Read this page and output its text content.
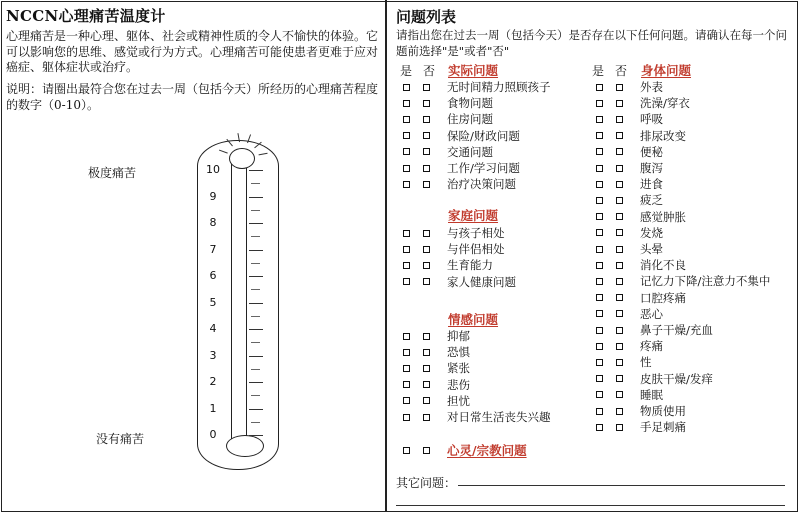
NCCN心理痛苦温度计
心理痛苦是一种心理、躯体、社会或精神性质的令人不愉快的体验。它可以影响您的思维、感觉或行为方式。心理痛苦可能使患者更难于应对癌症、躯体症状或治疗。
说明：请圈出最符合您在过去一周（包括今天）所经历的心理痛苦程度的数字（0-10）。
极度痛苦
没有痛苦
10
9
8
7
6
5
4
3
2
1
0
问题列表
请指出您在过去一周（包括今天）是否存在以下任何问题。请确认在每一个问题前选择"是"或者"否"
是 否 实际问题	是 否 身体问题
家庭问题
情感问题
心灵/宗教问题
无时间精力照顾孩子
食物问题
住房问题
保险/财政问题
交通问题
工作/学习问题
治疗决策问题
与孩子相处
与伴侣相处
生育能力
家人健康问题
抑郁
恐惧
紧张
悲伤
担忧
对日常生活丧失兴趣
外表
洗澡/穿衣
呼吸
排尿改变
便秘
腹泻
进食
疲乏
感觉肿胀
发烧
头晕
消化不良
记忆力下降/注意力不集中
口腔疼痛
恶心
鼻子干燥/充血
疼痛
性
皮肤干燥/发痒
睡眠
物质使用
手足刺痛
其它问题：
